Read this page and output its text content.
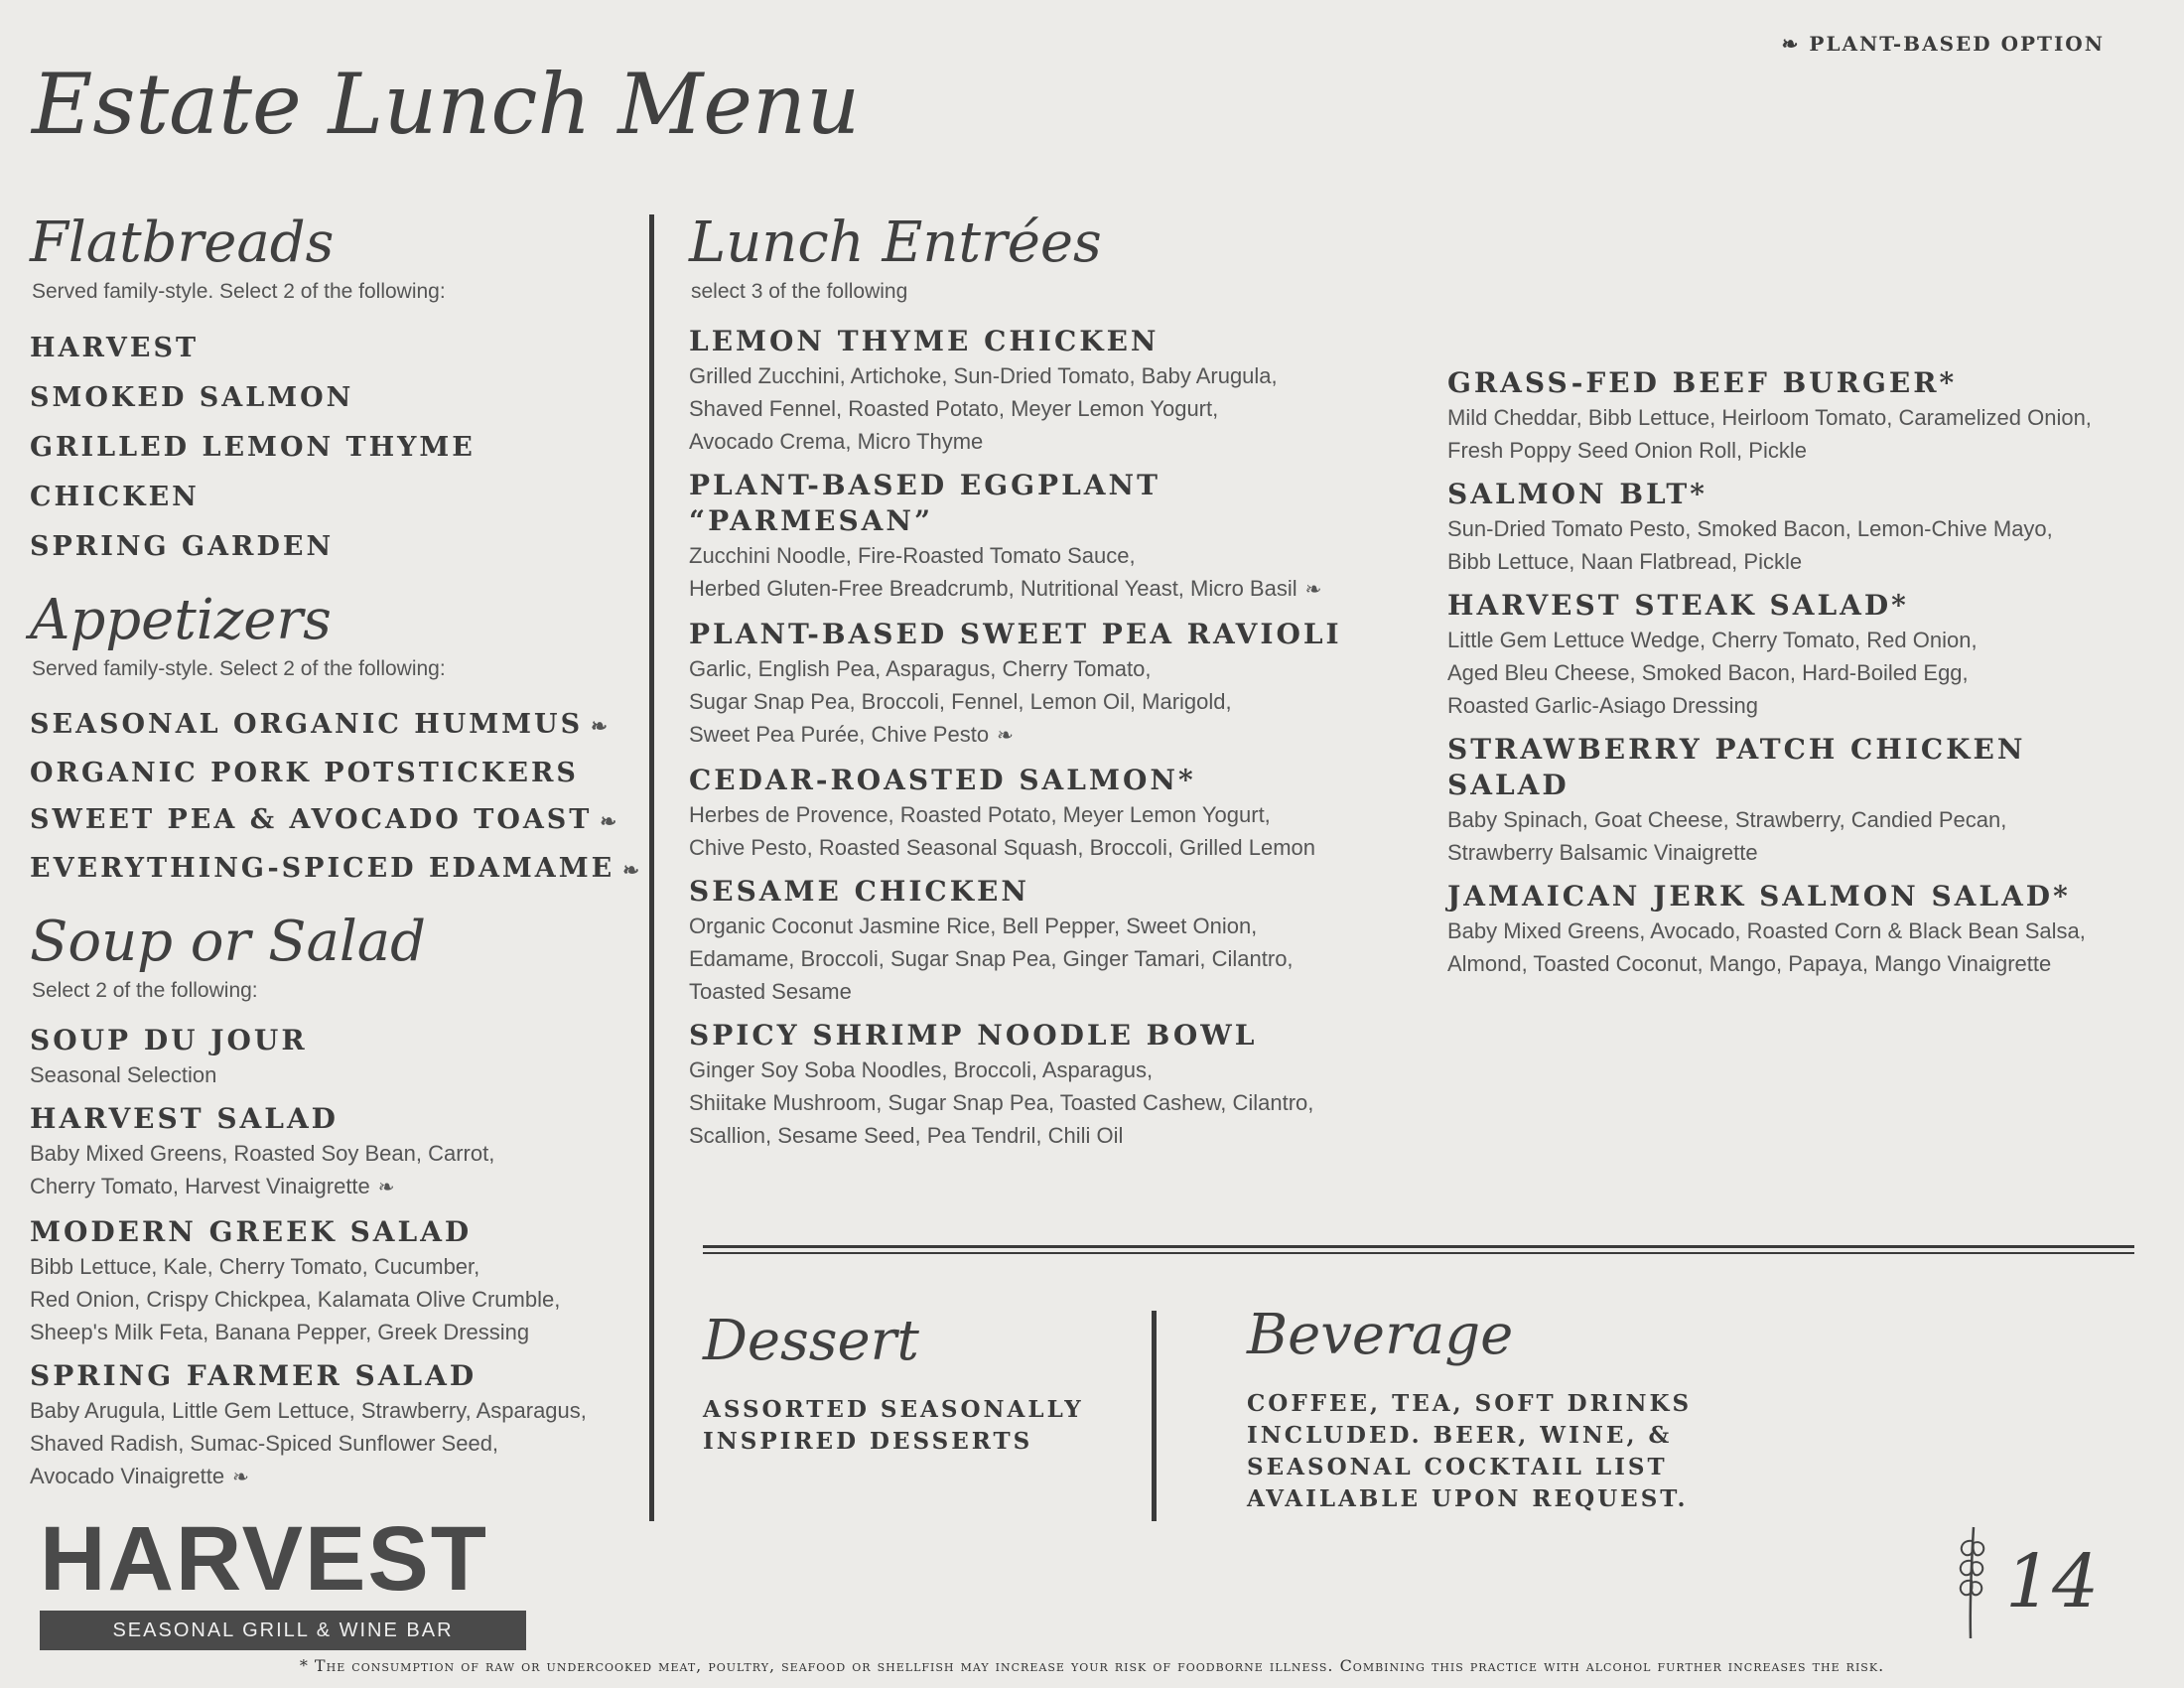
Estate Lunch Menu
❧ PLANT-BASED OPTION
Flatbreads
Served family-style. Select 2 of the following:
HARVEST
SMOKED SALMON
GRILLED LEMON THYME CHICKEN
SPRING GARDEN
Appetizers
Served family-style. Select 2 of the following:
SEASONAL ORGANIC HUMMUS ❧
ORGANIC PORK POTSTICKERS
SWEET PEA & AVOCADO TOAST ❧
EVERYTHING-SPICED EDAMAME ❧
Soup or Salad
Select 2 of the following:
SOUP DU JOUR
Seasonal Selection
HARVEST SALAD
Baby Mixed Greens, Roasted Soy Bean, Carrot,
Cherry Tomato, Harvest Vinaigrette ❧
MODERN GREEK SALAD
Bibb Lettuce, Kale, Cherry Tomato, Cucumber,
Red Onion, Crispy Chickpea, Kalamata Olive Crumble,
Sheep's Milk Feta, Banana Pepper, Greek Dressing
SPRING FARMER SALAD
Baby Arugula, Little Gem Lettuce, Strawberry, Asparagus,
Shaved Radish, Sumac-Spiced Sunflower Seed,
Avocado Vinaigrette ❧
Lunch Entrées
select 3 of the following
LEMON THYME CHICKEN
Grilled Zucchini, Artichoke, Sun-Dried Tomato, Baby Arugula,
Shaved Fennel, Roasted Potato, Meyer Lemon Yogurt,
Avocado Crema, Micro Thyme
PLANT-BASED EGGPLANT “PARMESAN”
Zucchini Noodle, Fire-Roasted Tomato Sauce,
Herbed Gluten-Free Breadcrumb, Nutritional Yeast, Micro Basil ❧
PLANT-BASED SWEET PEA RAVIOLI
Garlic, English Pea, Asparagus, Cherry Tomato,
Sugar Snap Pea, Broccoli, Fennel, Lemon Oil, Marigold,
Sweet Pea Purée, Chive Pesto ❧
CEDAR-ROASTED SALMON*
Herbes de Provence, Roasted Potato, Meyer Lemon Yogurt,
Chive Pesto, Roasted Seasonal Squash, Broccoli, Grilled Lemon
SESAME CHICKEN
Organic Coconut Jasmine Rice, Bell Pepper, Sweet Onion,
Edamame, Broccoli, Sugar Snap Pea, Ginger Tamari, Cilantro,
Toasted Sesame
SPICY SHRIMP NOODLE BOWL
Ginger Soy Soba Noodles, Broccoli, Asparagus,
Shiitake Mushroom, Sugar Snap Pea, Toasted Cashew, Cilantro,
Scallion, Sesame Seed, Pea Tendril, Chili Oil
GRASS-FED BEEF BURGER*
Mild Cheddar, Bibb Lettuce, Heirloom Tomato, Caramelized Onion,
Fresh Poppy Seed Onion Roll, Pickle
SALMON BLT*
Sun-Dried Tomato Pesto, Smoked Bacon, Lemon-Chive Mayo,
Bibb Lettuce, Naan Flatbread, Pickle
HARVEST STEAK SALAD*
Little Gem Lettuce Wedge, Cherry Tomato, Red Onion,
Aged Bleu Cheese, Smoked Bacon, Hard-Boiled Egg,
Roasted Garlic-Asiago Dressing
STRAWBERRY PATCH CHICKEN SALAD
Baby Spinach, Goat Cheese, Strawberry, Candied Pecan,
Strawberry Balsamic Vinaigrette
JAMAICAN JERK SALMON SALAD*
Baby Mixed Greens, Avocado, Roasted Corn & Black Bean Salsa,
Almond, Toasted Coconut, Mango, Papaya, Mango Vinaigrette
Dessert
ASSORTED SEASONALLY
INSPIRED DESSERTS
Beverage
COFFEE, TEA, SOFT DRINKS
INCLUDED. BEER, WINE, &
SEASONAL COCKTAIL LIST
AVAILABLE UPON REQUEST.
HARVEST
SEASONAL GRILL & WINE BAR
14
* The consumption of raw or undercooked meat, poultry, seafood or shellfish may increase your risk of foodborne illness. Combining this practice with alcohol further increases the risk.
